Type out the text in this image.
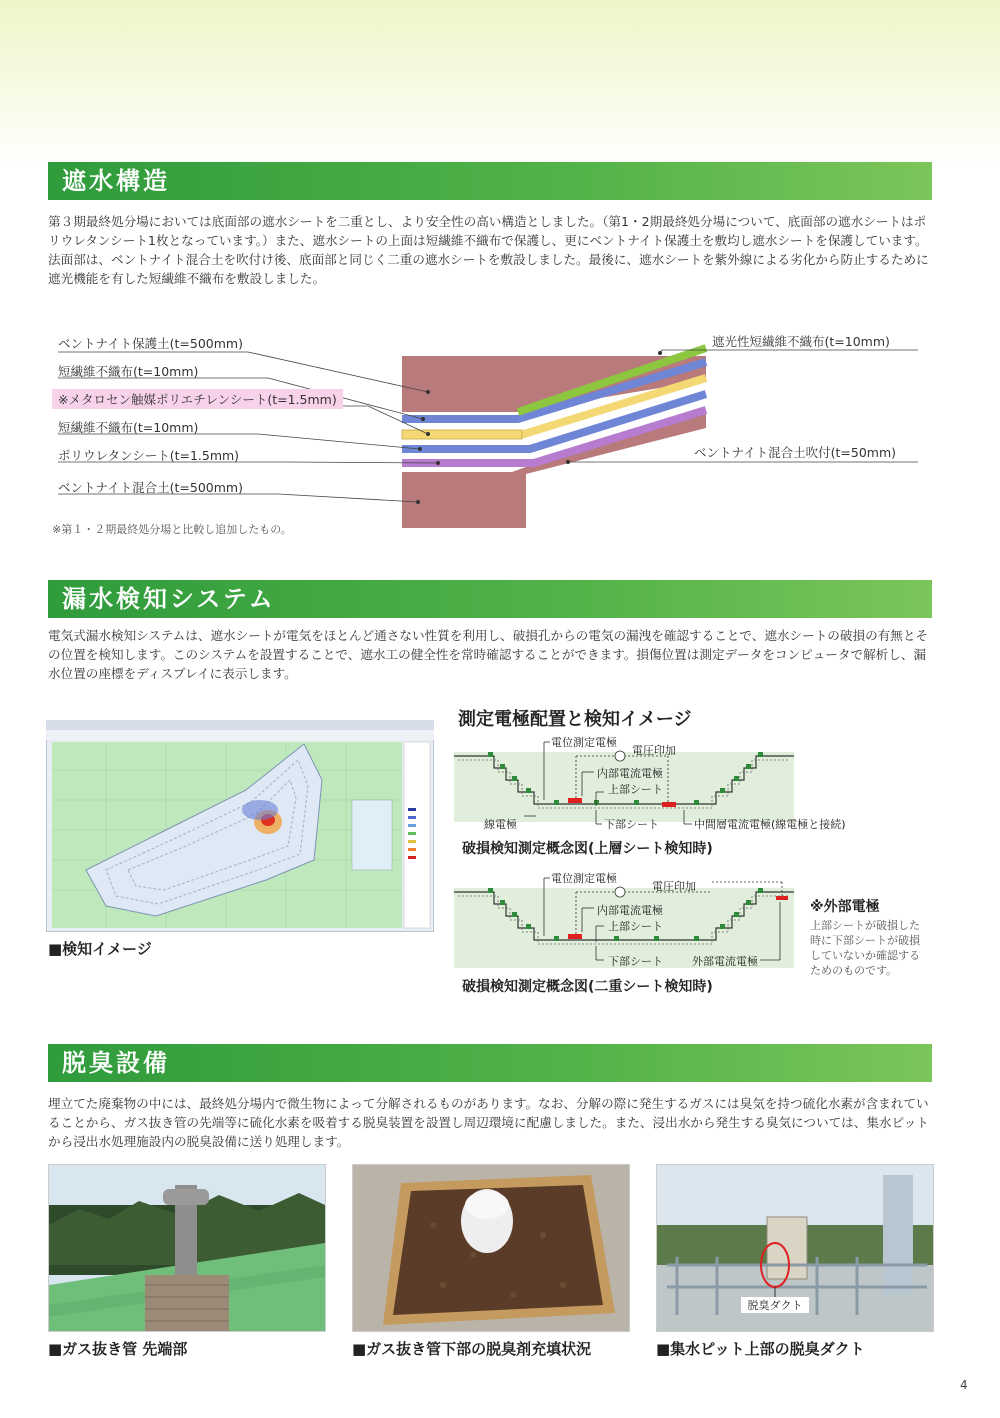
遮水構造

第３期最終処分場においては底面部の遮水シートを二重とし、より安全性の高い構造としました。（第1・2期最終処分場について、底面部の遮水シートはポリウレタンシート1枚となっています。）また、遮水シートの上面は短繊維不織布で保護し、更にベントナイト保護土を敷均し遮水シートを保護しています。

法面部は、ベントナイト混合土を吹付け後、底面部と同じく二重の遮水シートを敷設しました。最後に、遮水シートを紫外線による劣化から防止するために遮光機能を有した短繊維不織布を敷設しました。

ベントナイト保護土(t=500mm)
短繊維不織布(t=10mm)
※メタロセン触媒ポリエチレンシート(t=1.5mm)
短繊維不織布(t=10mm)
ポリウレタンシート(t=1.5mm)
ベントナイト混合土(t=500mm)
遮光性短繊維不織布(t=10mm)
ベントナイト混合土吹付(t=50mm)
※第１・２期最終処分場と比較し追加したもの。
漏水検知システム
電気式漏水検知システムは、遮水シートが電気をほとんど通さない性質を利用し、破損孔からの電気の漏洩を確認することで、遮水シートの破損の有無とその位置を検知します。このシステムを設置することで、遮水工の健全性を常時確認することができます。損傷位置は測定データをコンピュータで解析し、漏水位置の座標をディスプレイに表示します。
■検知イメージ
測定電極配置と検知イメージ
電位測定電極
電圧印加
内部電流電極
上部シート
線電極	下部シート	中間層電流電極(線電極と接続)
破損検知測定概念図(上層シート検知時)
電位測定電極
電圧印加
内部電流電極
上部シート
下部シート	外部電流電極
破損検知測定概念図(二重シート検知時)
※外部電極
上部シートが破損した
時に下部シートが破損
していないか確認する
ためのものです。
脱臭設備
埋立てた廃棄物の中には、最終処分場内で微生物によって分解されるものがあります。なお、分解の際に発生するガスには臭気を持つ硫化水素が含まれていることから、ガス抜き管の先端等に硫化水素を吸着する脱臭装置を設置し周辺環境に配慮しました。また、浸出水から発生する臭気については、集水ピットから浸出水処理施設内の脱臭設備に送り処理します。
■ガス抜き管 先端部	■ガス抜き管下部の脱臭剤充填状況
脱臭ダクト
■集水ピット上部の脱臭ダクト
4
